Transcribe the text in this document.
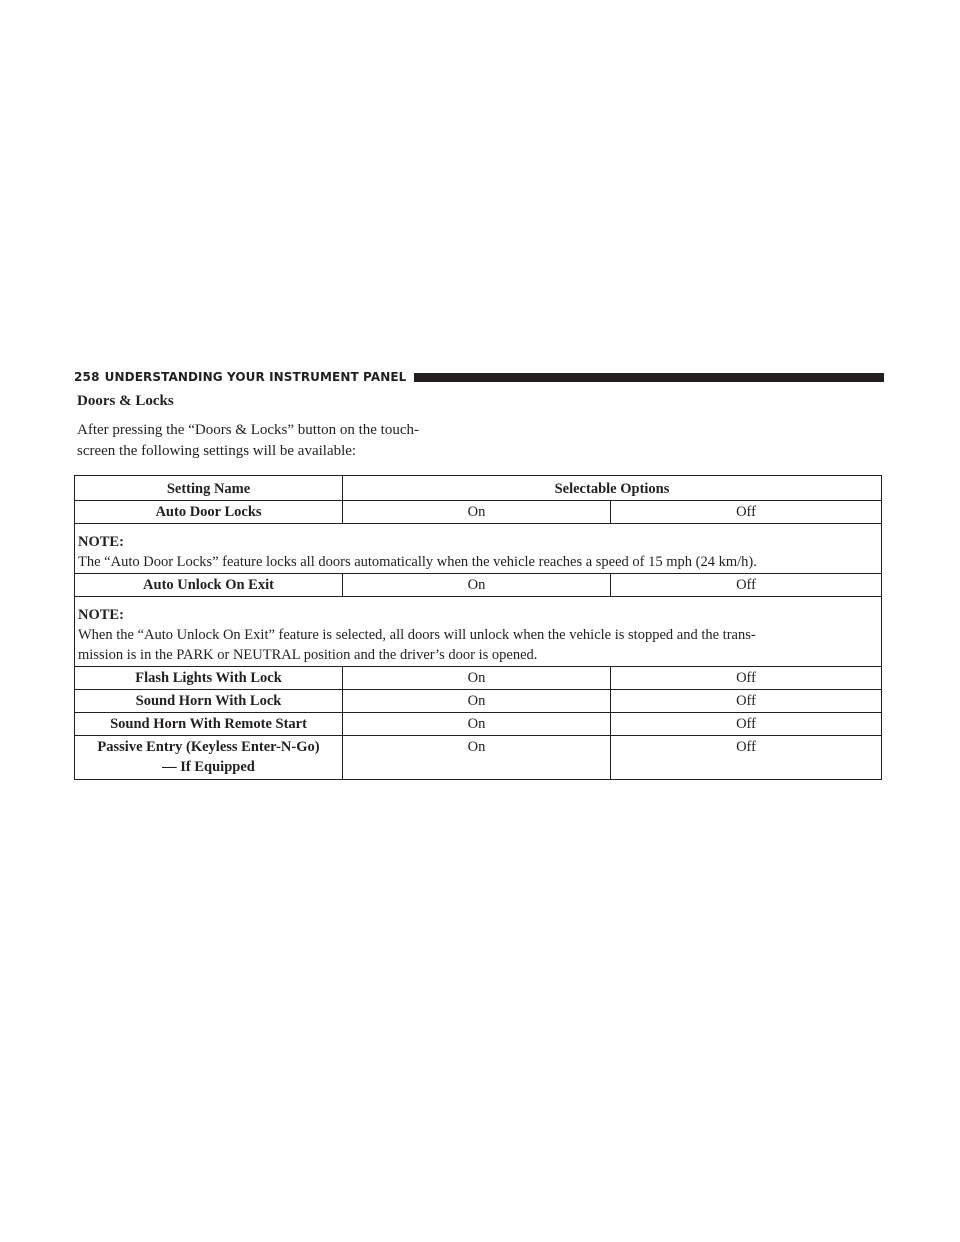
258 UNDERSTANDING YOUR INSTRUMENT PANEL
Doors & Locks

After pressing the “Doors & Locks” button on the touch-
screen the following settings will be available:

Setting Name	Selectable Options	
Auto Door Locks	On	Off

NOTE:
The “Auto Door Locks” feature locks all doors automatically when the vehicle reaches a speed of 15 mph (24 km/h).		

Auto Unlock On Exit	On	Off

NOTE:
When the “Auto Unlock On Exit” feature is selected, all doors will unlock when the vehicle is stopped and the trans-
mission is in the PARK or NEUTRAL position and the driver’s door is opened.		

Flash Lights With Lock	On	Off
Sound Horn With Lock	On	Off
Sound Horn With Remote Start	On	Off

Passive Entry (Keyless Enter-N-Go)
— If Equipped	On	Off
